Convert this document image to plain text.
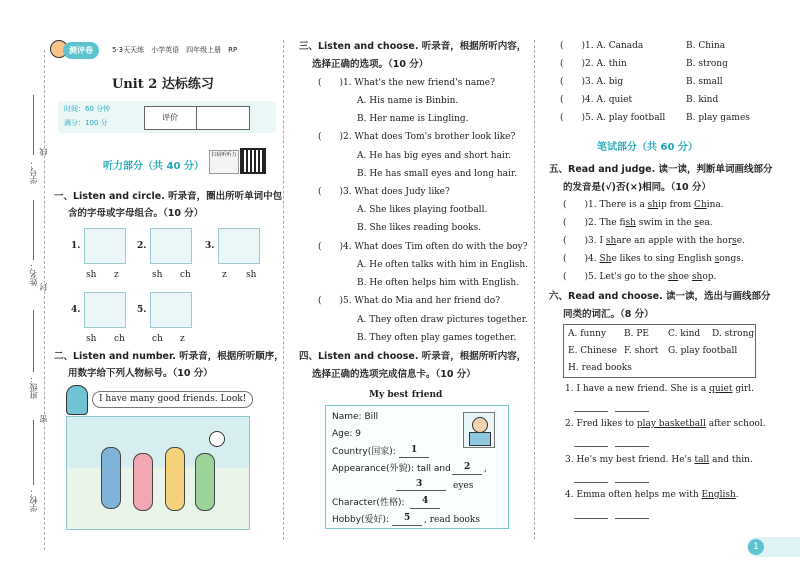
学号：
姓名：
班级：
学校：
线
封
密
测评卷	5·3天天练　小学英语　四年级上册　RP
Unit 2 达标练习
时间：60 分钟
满分：100 分
评价
听力部分（共 40 分）
扫码听听力
一、Listen and circle. 听录音，圈出所听单词中包
含的字母或字母组合。（10 分）
1.
sh z
2.
sh ch
3.
z sh
4.
sh ch
5.
ch z
二、Listen and number. 听录音，根据所听顺序，
用数字给下列人物标号。（10 分）
I have many good friends. Look!
三、Listen and choose. 听录音，根据所听内容，
选择正确的选项。（10 分）
(　　)1. What's the new friend's name?
A. His name is Binbin.
B. Her name is Lingling.
(　　)2. What does Tom's brother look like?
A. He has big eyes and short hair.
B. He has small eyes and long hair.
(　　)3. What does Judy like?
A. She likes playing football.
B. She likes reading books.
(　　)4. What does Tim often do with the boy?
A. He often talks with him in English.
B. He often helps him with English.
(　　)5. What do Mia and her friend do?
A. They often draw pictures together.
B. They often play games together.
四、Listen and choose. 听录音，根据所听内容，
选择正确的选项完成信息卡。（10 分）
My best friend
Name: Bill
Age: 9
Country(国家): 1
Appearance(外貌): tall and 2 ,
3	eyes
Character(性格): 4
Hobby(爱好): 5 , read books
(　　)1. A. Canada	B. China
(　　)2. A. thin	B. strong
(　　)3. A. big	B. small
(　　)4. A. quiet	B. kind
(　　)5. A. play football B. play games
笔试部分（共 60 分）
五、Read and judge. 读一读，判断单词画线部分
的发音是(√)否(×)相同。（10 分）
(　　)1. There is a ship from China.
(　　)2. The fish swim in the sea.
(　　)3. I share an apple with the horse.
(　　)4. She likes to sing English songs.
(　　)5. Let's go to the shoe shop.
六、Read and choose. 读一读，选出与画线部分
同类的词汇。（8 分）
A. funny B. PE C. kind D. strong
E. Chinese F. short G. play football
H. read books
1. I have a new friend. She is a quiet girl.
2. Fred likes to play basketball after school.
3. He's my best friend. He's tall and thin.
4. Emma often helps me with English.
1
